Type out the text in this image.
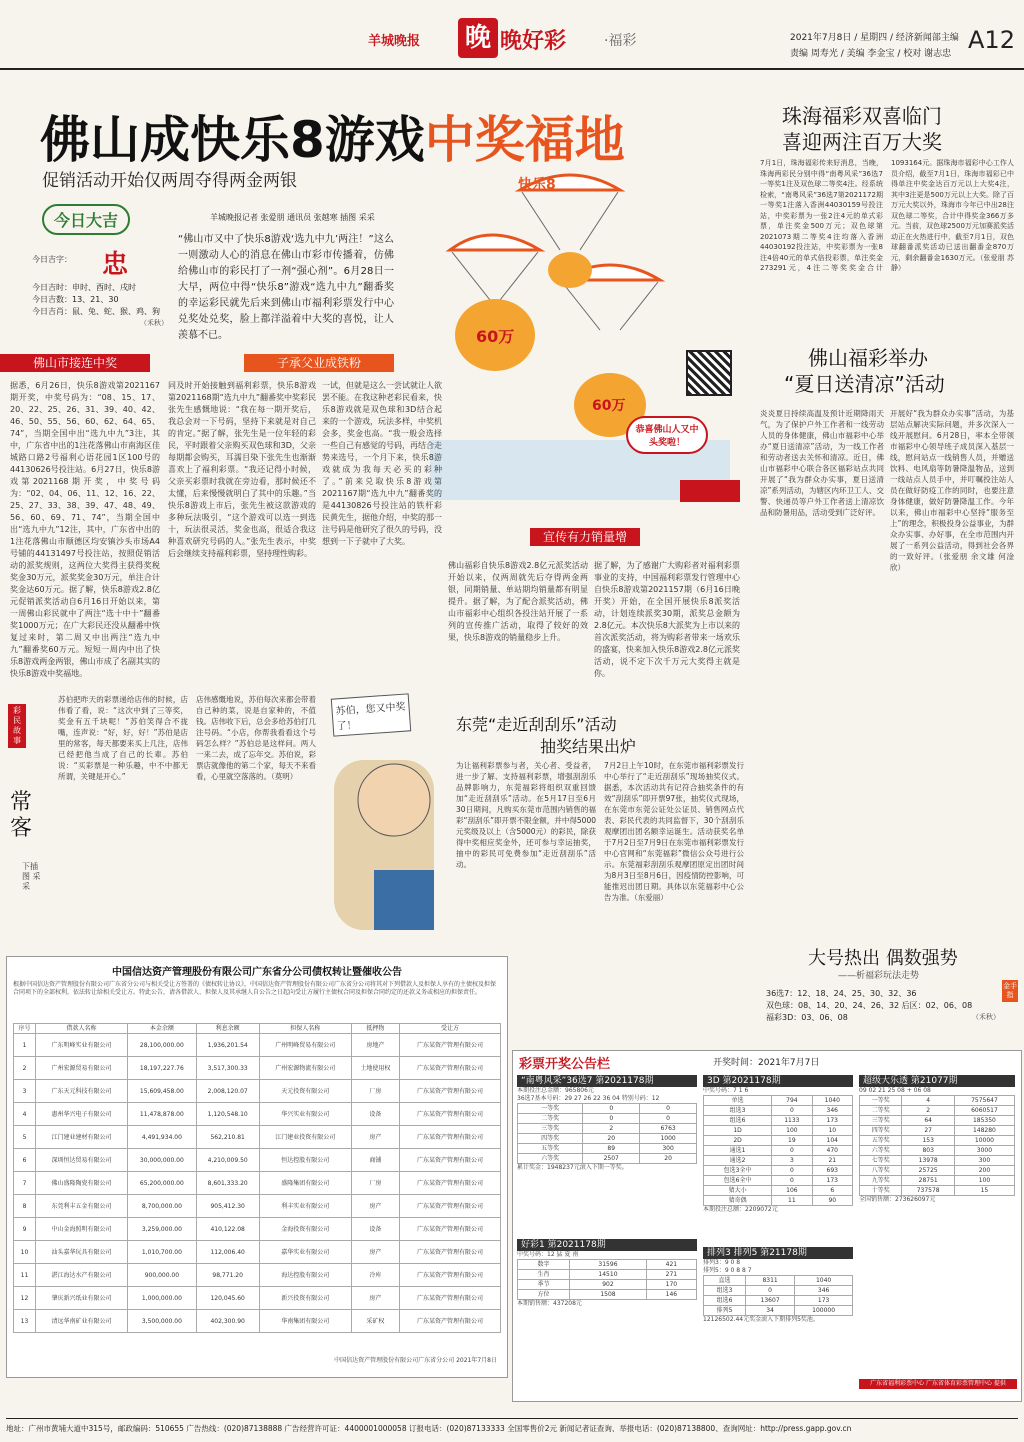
羊城晚报 晚 晚好彩	·福彩	2021年7月8日 / 星期四 / 经济新闻部主编
责编 周寿光 / 美编 李金宝 / 校对 谢志忠 A12
佛山成快乐8游戏中奖福地
促销活动开始仅两周夺得两金两银
今日大吉
忠
今日吉字：
今日吉时：申时、酉时、戌时
今日吉数：13、21、30
今日吉肖：鼠、兔、蛇、猴、鸡、狗
（禾秋）
羊城晚报记者 张爱朋 通讯员 张越寒 插图 采采
“佛山市又中了快乐8游戏‘选九中九’两注！”这么一则激动人心的消息在佛山市彩市传播着，仿佛给佛山市的彩民打了一剂“强心剂”。6月28日一大早，两位中得“快乐8”游戏“选九中九”翻番奖的幸运彩民就先后来到佛山市福利彩票发行中心兑奖处兑奖，脸上都洋溢着中大奖的喜悦，让人羡慕不已。
快乐8
60万
60万
恭喜佛山人又中头奖啦！
佛山市接连中奖	子承父业成铁粉
宣传有力销量增
据悉，6月26日，快乐8游戏第2021167期开奖，中奖号码为：“08、15、17、20、22、25、26、31、39、40、42、46、50、55、56、60、62、64、65、74”，当期全国中出“选九中九”3注，其中，广东省中出的1注花落佛山市南海区佳城路口路2号福利心语花园1区100号的44130626号投注站。6月27日，快乐8游戏第2021168期开奖，中奖号码为：“02、04、06、11、12、16、22、25、27、33、38、39、47、48、49、56、60、69、71、74”，当期全国中出“选九中九”12注，其中，广东省中出的1注花落佛山市顺德区均安镇沙头市场A4号铺的44131497号投注站，按照促销活动的派奖规则，这两位大奖得主获得奖税奖金30万元，派奖奖金30万元，单注合计奖金达60万元。据了解，快乐8游戏2.8亿元促销派奖活动自6月16日开始以来，第一周佛山彩民就中了两注“选十中十”翻番奖1000万元；在广大彩民还没从翻番中恢复过来时，第二周又中出两注“选九中九”翻番奖60万元。短短一周内中出了快乐8游戏两金两银，佛山市成了名副其实的快乐8游戏中奖福地。
同及时开始接触到福利彩票，快乐8游戏第2021168期“选九中九”翻番奖中奖彩民张先生感慨地说：“我在每一期开奖后，我总会对一下号码，坚持下来就是对自己的肯定。”据了解，张先生是一位年轻的彩民，平时跟着父亲购买双色球和3D，父亲每期都会购买，耳濡目染下张先生也渐渐喜欢上了福利彩票。“我还记得小时候，父亲买彩票时我就在旁边看，那时候还不太懂，后来慢慢就明白了其中的乐趣。”当快乐8游戏上市后，张先生被这款游戏的多种玩法吸引，“这个游戏可以选一到选十，玩法很灵活，奖金也高，很适合我这种喜欢研究号码的人。”张先生表示，中奖后会继续支持福利彩票，坚持理性购彩。
一试，但就是这么一尝试就让人欲罢不能。在我这种老彩民看来，快乐8游戏就是双色球和3D结合起来的一个游戏，玩法多样，中奖机会多，奖金也高。“我一般会选择一些自己有感觉的号码，再结合走势来选号，一个月下来，快乐8游戏就成为我每天必买的彩种了。”前来兑取快乐8游戏第2021167期“选九中九”翻番奖的是44130826号投注站的铁杆彩民黄先生，据他介绍，中奖的那一注号码是他研究了很久的号码，没想到一下子就中了大奖。
佛山福彩自快乐8游戏2.8亿元派奖活动开始以来，仅两周就先后夺得两金两银，同期销量、单站期均销量都有明显提升。据了解，为了配合派奖活动，佛山市福彩中心组织各投注站开展了一系列的宣传推广活动，取得了较好的效果，快乐8游戏的销量稳步上升。
据了解，为了感谢广大购彩者对福利彩票事业的支持，中国福利彩票发行管理中心自快乐8游戏第2021157期（6月16日晚开奖）开始，在全国开展快乐8派奖活动，计划连续派奖30期，派奖总金额为2.8亿元。本次快乐8大派奖为上市以来的首次派奖活动，将为购彩者带来一场欢乐的盛宴，快来加入快乐8游戏2.8亿元派奖活动，说不定下次千万元大奖得主就是你。
珠海福彩双喜临门
喜迎两注百万大奖
7月1日，珠海福彩传来好消息，当晚，珠海两彩民分别中得“南粤风采”36选7一等奖1注及双色球二等奖4注。经系统检索，“南粤风采”36选7第2021172期一等奖1注落入香洲44030159号投注站，中奖彩票为一张2注4元的单式彩票，单注奖金500万元；双色球第2021073期二等奖4注均落入香洲44030192投注站，中奖彩票为一张8注4倍40元的单式倍投彩票，单注奖金273291元，4注二等奖奖金合计1093164元。据珠海市福彩中心工作人员介绍，截至7月1日，珠海市福彩已中得单注中奖金达百万元以上大奖4注，其中3注更是500万元以上大奖。除了百万元大奖以外，珠海市今年已中出28注双色球二等奖，合计中得奖金366万多元。当前，双色球2500万元加赛派奖活动正在火热进行中，截至7月1日，双色球翻番派奖活动已送出翻番金870万元，剩余翻番金1630万元。（张爱朋 苏静）
佛山福彩举办
“夏日送清凉”活动
炎炎夏日持续高温及预计近期降雨天气，为了保护户外工作者和一线劳动人员的身体健康，佛山市福彩中心举办“夏日送清凉”活动，为一线工作者和劳动者送去关怀和清凉。近日，佛山市福彩中心联合各区福彩站点共同开展了“我为群众办实事，夏日送清凉”系列活动，为辖区内环卫工人、交警、快递员等户外工作者送上清凉饮品和防暑用品，活动受到广泛好评。
开展好“我为群众办实事”活动，为基层站点解决实际问题，并多次深入一线开展慰问。6月28日，率本全带领市福彩中心领导班子成员深入基层一线，慰问站点一线销售人员，并赠送饮料、电风扇等防暑降温物品，送到一线站点人员手中，并叮嘱投注站人员在做好防疫工作的同时，也要注意身体健康，做好防暑降温工作。今年以来，佛山市福彩中心坚持“服务至上”的理念，积极投身公益事业，为群众办实事、办好事，在全市范围内开展了一系列公益活动，得到社会各界的一致好评。（张爱朋 余文雄 何淦欣）
彩民故事
常客
下插图 采采
苏伯把昨天的彩票递给店伟的时候，店伟看了看，说：“这次中到了三等奖，奖金有五千块呢！”苏伯笑得合不拢嘴，连声说：“好，好，好！”苏伯是店里的常客，每天都要来买上几注，店伟已经把他当成了自己的长辈。苏伯说：“买彩票是一种乐趣，中不中都无所谓，关键是开心。”
店伟感慨地说，苏伯每次来都会带着自己种的菜，说是自家种的，不值钱。店伟收下后，总会多给苏伯打几注号码。“小店，你帮我看看这个号码怎么样？”苏伯总是这样问。两人一来二去，成了忘年交。苏伯说，彩票店就像他的第二个家，每天不来看看，心里就空落落的。（莫明）
苏伯，您又中奖了！	东莞“走近刮刮乐”活动
抽奖结果出炉
为让福利彩票参与者，关心者、受益者，进一步了解、支持福利彩票，增强刮刮乐品牌影响力，东莞福彩将组织双重回馈加“走近刮刮乐”活动。在5月17日至6月30日期间，凡购买东莞市范围内销售的福彩“刮刮乐”即开票不限金额，并中得5000元奖级及以上（含5000元）的彩民，除获得中奖相应奖金外，还可参与幸运抽奖，抽中的彩民可免费参加“走近刮刮乐”活动。
7月2日上午10时，在东莞市福利彩票发行中心举行了“走近刮刮乐”现场抽奖仪式。据悉，本次活动共有记符合抽奖条件的有效“刮刮乐”即开票97张，抽奖仪式现场，在东莞市东莞公证处公证员、销售网点代表、彩民代表的共同监督下，30个刮刮乐观摩团出团名额幸运诞生。活动获奖名单于7月2日至7月9日在东莞市福利彩票发行中心官网和“东莞福彩”微信公众号进行公示。东莞福彩刮刮乐观摩团原定出团时间为8月3日至8月6日，因疫情防控影响，可能推迟出团日期。具体以东莞福彩中心公告为准。（东爱丽）
大号热出 偶数强势
——析福彩玩法走势
36选7：12、18、24、25、30、32、36
双色球：08、14、20、24、26、32 后区：02、06、08
福彩3D：03、06、08	（禾秋）
金手指
中国信达资产管理股份有限公司广东省分公司债权转让暨催收公告
根据中国信达资产管理股份有限公司广东省分公司与相关受让方签署的《债权转让协议》，中国信达资产管理股份有限公司广东省分公司将其对下列借款人及担保人享有的主债权及担保合同项下的全部权利，依法转让给相关受让方。特此公告，请各借款人、担保人及其承继人自公告之日起向受让方履行主债权合同及担保合同约定的还款义务或相应的担保责任。
序号	借款人名称	本金余额	利息余额	担保人名称	抵押物	受让方
1	广东明峰实业有限公司	28,100,000.00	1,936,201.54	广州明峰贸易有限公司	房地产	广东某资产管理有限公司
2	广州宏源贸易有限公司	18,197,227.76	3,517,300.33	广州宏源物流有限公司	土地使用权	广东某资产管理有限公司
3	广东天元科技有限公司	15,609,458.00	2,008,120.07	天元投资有限公司	厂房	广东某资产管理有限公司
4	惠州华兴电子有限公司	11,478,878.00	1,120,548.10	华兴实业有限公司	设备	广东某资产管理有限公司
5	江门建业建材有限公司	4,491,934.00	562,210.81	江门建业投资有限公司	房产	广东某资产管理有限公司
6	深圳恒达贸易有限公司	30,000,000.00	4,210,009.50	恒达控股有限公司	商铺	广东某资产管理有限公司
7	佛山盛隆陶瓷有限公司	65,200,000.00	8,601,333.20	盛隆集团有限公司	厂房	广东某资产管理有限公司
8	东莞利丰五金有限公司	8,700,000.00	905,412.30	利丰实业有限公司	房产	广东某资产管理有限公司
9	中山金海照明有限公司	3,259,000.00	410,122.08	金海投资有限公司	设备	广东某资产管理有限公司
10	汕头嘉华玩具有限公司	1,010,700.00	112,006.40	嘉华实业有限公司	房产	广东某资产管理有限公司
11	湛江海达水产有限公司	900,000.00	98,771.20	海达控股有限公司	冷库	广东某资产管理有限公司
12	肇庆新兴纸业有限公司	1,000,000.00	120,045.60	新兴投资有限公司	房产	广东某资产管理有限公司
13	清远华南矿业有限公司	3,500,000.00	402,300.90	华南集团有限公司	采矿权	广东某资产管理有限公司
中国信达资产管理股份有限公司广东省分公司 2021年7月8日
彩票开奖公告栏	开奖时间：2021年7月7日
“南粤风采”36选7 第2021178期
本期投注总金额：965806元
36选7基本号码：29 27 26 22 36 04 特别号码：12
一等奖	0	0
二等奖	0	0
三等奖	2	6763
四等奖	20	1000
五等奖	89	300
六等奖	2507	20
累计奖金：1948237元滚入下期一等奖。
好彩1 第2021178期
中奖号码：12 猛 夏 南
数字	31596	421
生肖	14510	271
季节	902	170
方位	1508	146
本期销售额：437208元
3D 第2021178期
中奖号码：7 1 6
单选	794	1040
组选3	0	346
组选6	1133	173
1D	100	10
2D	19	104
通选1	0	470
通选2	3	21
包选3全中	0	693
包选6全中	0	173
猜大小	106	6
猜奇偶	11	90
本期投注总额：2209072元
排列3 排列5 第21178期
排列3：9 0 8
排列5：9 0 8 8 7
直选	8311	1040
组选3	0	346
组选6	13607	173
排列5	34	100000
12126502.44元奖金滚入下期排列5奖池。
超级大乐透 第21077期
09 02 21 25 08 + 06 08
一等奖	4	7575647
二等奖	2	6060517
三等奖	64	185350
四等奖	27	148280
五等奖	153	10000
六等奖	803	3000
七等奖	13978	300
八等奖	25725	200
九等奖	28751	100
十等奖	737578	15
全国销售额：273626097元
广东省福利彩票中心 广东省体育彩票管理中心 提供
地址：广州市黄埔大道中315号，邮政编码：510655 广告热线：(020)87138888 广告经营许可证：4400001000058 订报电话：(020)87133333 全国零售价2元 新闻记者证查询、举报电话：(020)87138800、查询网址：http://press.gapp.gov.cn
